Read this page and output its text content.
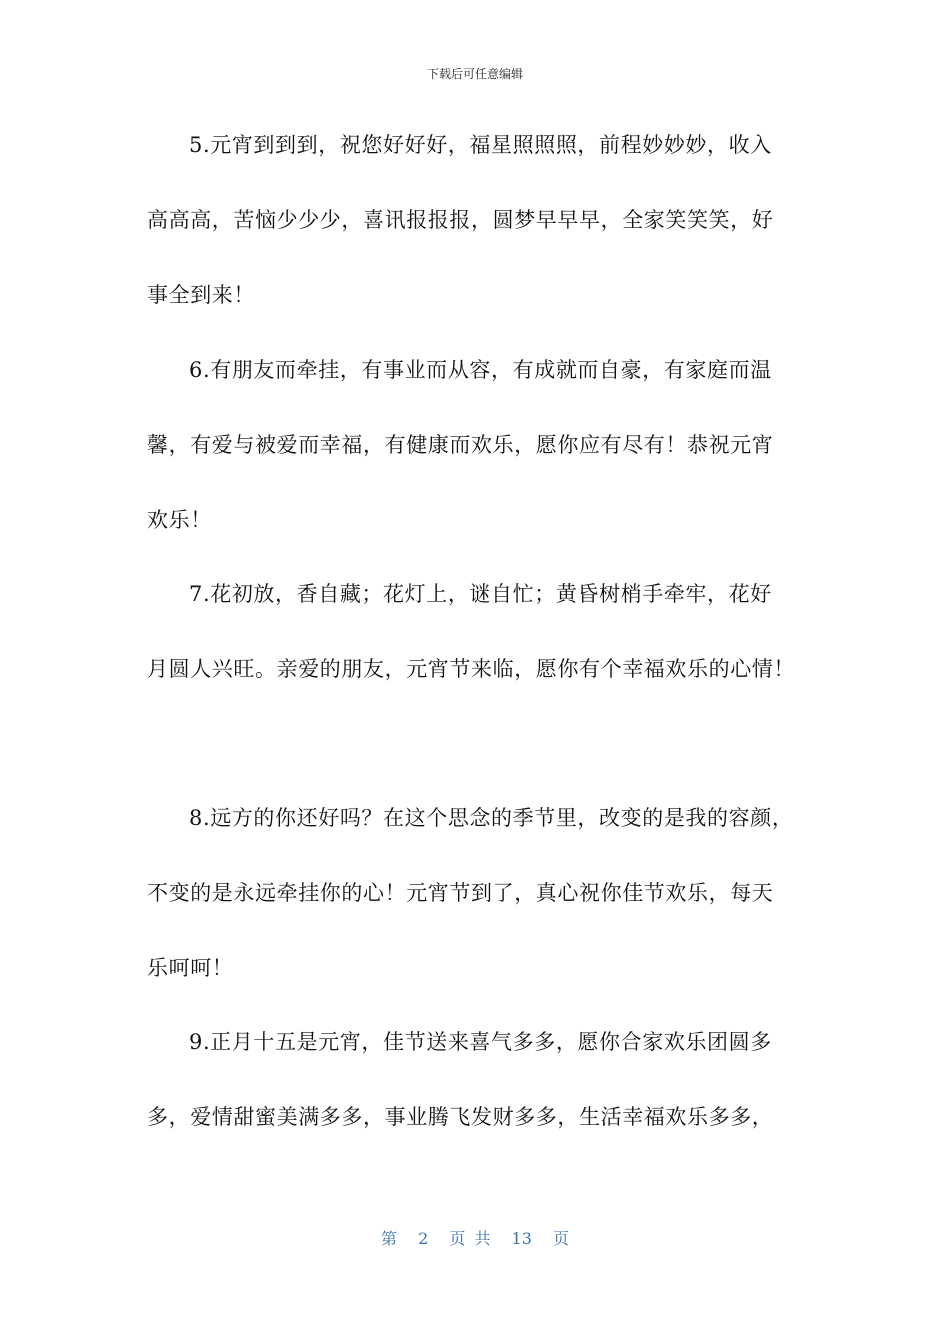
下载后可任意编辑
5.元宵到到到，祝您好好好，福星照照照，前程妙妙妙，收入
高高高，苦恼少少少，喜讯报报报，圆梦早早早，全家笑笑笑，好
事全到来！
6.有朋友而牵挂，有事业而从容，有成就而自豪，有家庭而温
馨，有爱与被爱而幸福，有健康而欢乐，愿你应有尽有！恭祝元宵
欢乐！
7.花初放，香自藏；花灯上，谜自忙；黄昏树梢手牵牢，花好
月圆人兴旺。亲爱的朋友，元宵节来临，愿你有个幸福欢乐的心情！
8.远方的你还好吗？在这个思念的季节里，改变的是我的容颜，
不变的是永远牵挂你的心！元宵节到了，真心祝你佳节欢乐，每天
乐呵呵！
9.正月十五是元宵，佳节送来喜气多多，愿你合家欢乐团圆多
多，爱情甜蜜美满多多，事业腾飞发财多多，生活幸福欢乐多多，
第 2 页 共 13 页
